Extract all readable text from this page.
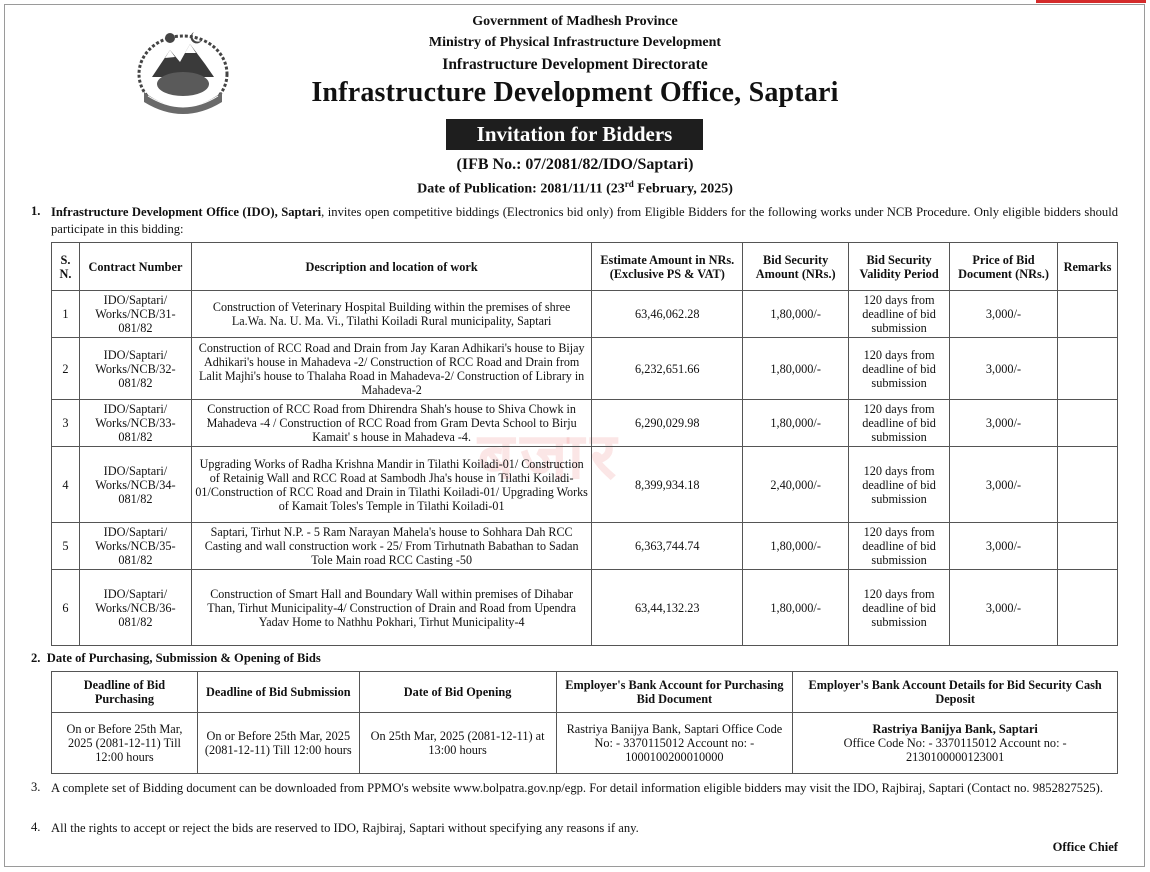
Government of Madhesh Province
Ministry of Physical Infrastructure Development
Infrastructure Development Directorate
Infrastructure Development Office, Saptari
Invitation for Bidders
(IFB No.: 07/2081/82/IDO/Saptari)
Date of Publication: 2081/11/11 (23rd February, 2025)
बजार
1. Infrastructure Development Office (IDO), Saptari, invites open competitive biddings (Electronics bid only) from Eligible Bidders for the following works under NCB Procedure. Only eligible bidders should participate in this bidding:
S. N.	Contract Number	Description and location of work	Estimate Amount in NRs. (Exclusive PS & VAT)	Bid Security Amount (NRs.)	Bid Security Validity Period	Price of Bid Document (NRs.)	Remarks
1	IDO/Saptari/ Works/NCB/31-081/82	Construction of Veterinary Hospital Building within the premises of shree La.Wa. Na. U. Ma. Vi., Tilathi Koiladi Rural municipality, Saptari	63,46,062.28	1,80,000/-	120 days from deadline of bid submission	3,000/-	
2	IDO/Saptari/ Works/NCB/32-081/82	Construction of RCC Road and Drain from Jay Karan Adhikari's house to Bijay Adhikari's house in Mahadeva -2/ Construction of RCC Road and Drain from Lalit Majhi's house to Thalaha Road in Mahadeva-2/ Construction of Library in Mahadeva-2	6,232,651.66	1,80,000/-	120 days from deadline of bid submission	3,000/-	
3	IDO/Saptari/ Works/NCB/33-081/82	Construction of RCC Road from Dhirendra Shah's house to Shiva Chowk in Mahadeva -4 / Construction of RCC Road from Gram Devta School to Birju Kamait' s house in Mahadeva -4.	6,290,029.98	1,80,000/-	120 days from deadline of bid submission	3,000/-	
4	IDO/Saptari/ Works/NCB/34-081/82	Upgrading Works of Radha Krishna Mandir in Tilathi Koiladi-01/ Construction of Retainig Wall and RCC Road at Sambodh Jha's house in Tilathi Koiladi-01/Construction of RCC Road and Drain in Tilathi Koiladi-01/ Upgrading Works of Kamait Toles's Temple in Tilathi Koiladi-01	8,399,934.18	2,40,000/-	120 days from deadline of bid submission	3,000/-	
5	IDO/Saptari/ Works/NCB/35-081/82	Saptari, Tirhut N.P. - 5 Ram Narayan Mahela's house to Sohhara Dah RCC Casting and wall construction work - 25/ From Tirhutnath Babathan to Sadan Tole Main road RCC Casting -50	6,363,744.74	1,80,000/-	120 days from deadline of bid submission	3,000/-	
6	IDO/Saptari/ Works/NCB/36-081/82	Construction of Smart Hall and Boundary Wall within premises of Dihabar Than, Tirhut Municipality-4/ Construction of Drain and Road from Upendra Yadav Home to Nathhu Pokhari, Tirhut Municipality-4	63,44,132.23	1,80,000/-	120 days from deadline of bid submission	3,000/-	
2.  Date of Purchasing, Submission & Opening of Bids
Deadline of Bid Purchasing	Deadline of Bid Submission	Date of Bid Opening	Employer's Bank Account for Purchasing Bid Document	Employer's Bank Account Details for Bid Security Cash Deposit
On or Before 25th Mar, 2025 (2081-12-11) Till 12:00 hours	On or Before 25th Mar, 2025 (2081-12-11) Till 12:00 hours	On 25th Mar, 2025 (2081-12-11) at 13:00 hours	Rastriya Banijya Bank, Saptari Office Code No: - 3370115012 Account no: - 1000100200010000	Rastriya Banijya Bank, Saptari
Office Code No: - 3370115012 Account no: - 2130100000123001
3. A complete set of Bidding document can be downloaded from PPMO's website www.bolpatra.gov.np/egp. For detail information eligible bidders may visit the IDO, Rajbiraj, Saptari (Contact no. 9852827525).
4. All the rights to accept or reject the bids are reserved to IDO, Rajbiraj, Saptari without specifying any reasons if any.
Office Chief
